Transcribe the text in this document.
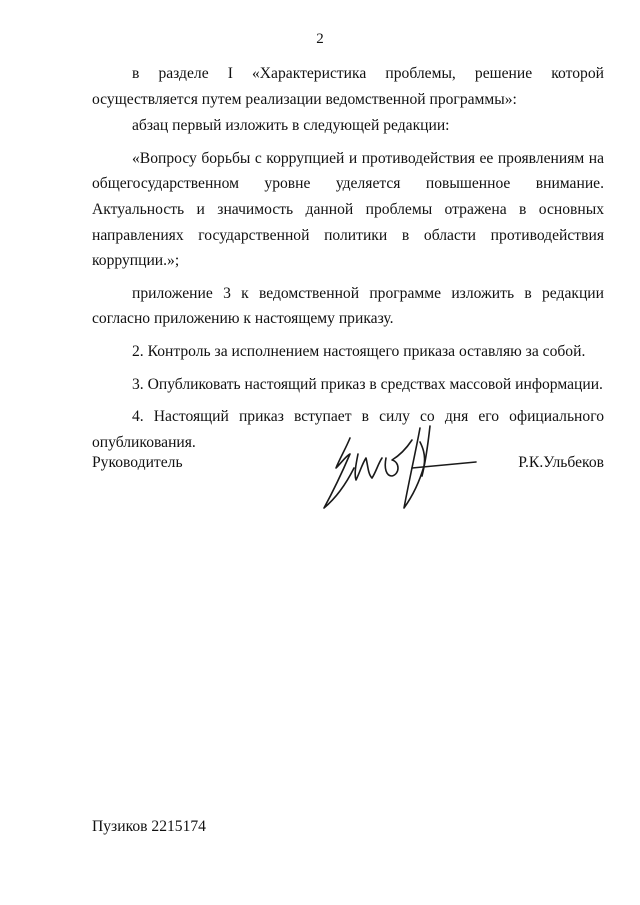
2

в разделе I «Характеристика проблемы, решение которой осуществляется путем реализации ведомственной программы»:

абзац первый изложить в следующей редакции:

«Вопросу борьбы с коррупцией и противодействия ее проявлениям на общегосударственном уровне уделяется повышенное внимание. Актуальность и значимость данной проблемы отражена в основных направлениях государственной политики в области противодействия коррупции.»;

приложение 3 к ведомственной программе изложить в редакции согласно приложению к настоящему приказу.

2. Контроль за исполнением настоящего приказа оставляю за собой.

3. Опубликовать настоящий приказ в средствах массовой информации.

4. Настоящий приказ вступает в силу со дня его официального опубликования.

Руководитель	Р.К.Ульбеков
Пузиков 2215174
